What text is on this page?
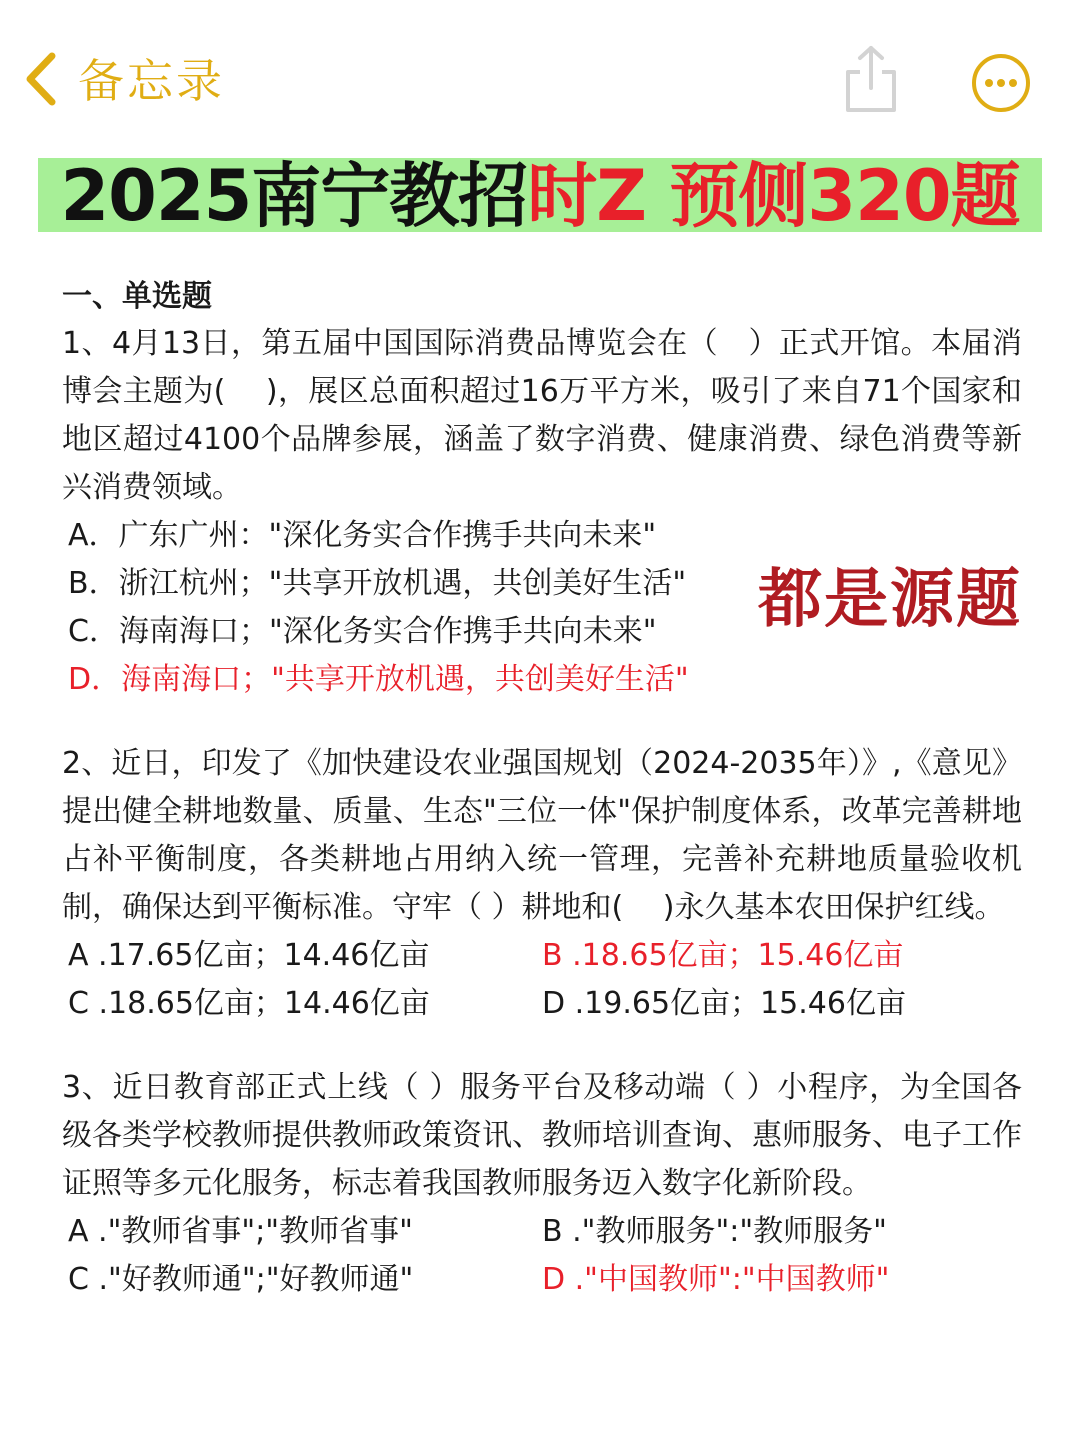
备忘录
2025南宁教招时Z 预侧320题
一、单选题

1、4月13日，第五届中国国际消费品博览会在（　）正式开馆。本届消博会主题为(　 )，展区总面积超过16万平方米，吸引了来自71个国家和地区超过4100个品牌参展，涵盖了数字消费、健康消费、绿色消费等新兴消费领域。

A．广东广州："深化务实合作携手共向未来"
B．浙江杭州；"共享开放机遇，共创美好生活"
C．海南海口；"深化务实合作携手共向未来"
D．海南海口；"共享开放机遇，共创美好生活"

2、近日，印发了《加快建设农业强国规划（2024-2035年）》,《意见》提出健全耕地数量、质量、生态"三位一体"保护制度体系，改革完善耕地占补平衡制度，各类耕地占用纳入统一管理，完善补充耕地质量验收机制，确保达到平衡标准。守牢（ ）耕地和(　 )永久基本农田保护红线。

A .17.65亿亩；14.46亿亩	B .18.65亿亩；15.46亿亩
C .18.65亿亩；14.46亿亩	D .19.65亿亩；15.46亿亩

3、近日教育部正式上线（ ）服务平台及移动端（ ）小程序，为全国各级各类学校教师提供教师政策资讯、教师培训查询、惠师服务、电子工作证照等多元化服务，标志着我国教师服务迈入数字化新阶段。

A ."教师省事";"教师省事"	B ."教师服务":"教师服务"
C ."好教师通";"好教师通"	D ."中国教师":"中国教师"
都是源题
